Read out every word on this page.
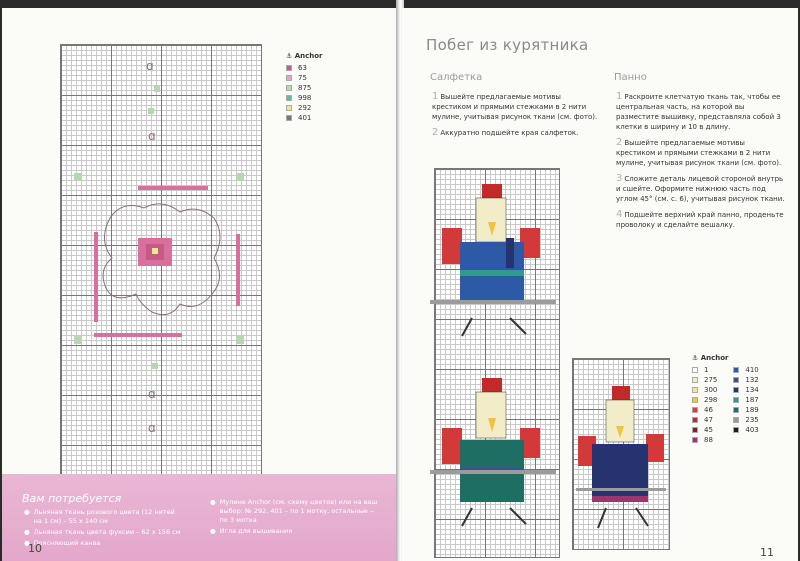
ɑ
ɑ
ɑ
ɑ
⚓ Anchor
63
75
875
998
292
401
Вам потребуется
● Льняная ткань розового цвета (12 нитей на 1 см) – 55 х 140 см
● Льняная ткань цвета фуксии – 62 х 156 см
● Поясняющий канва
● Мулине Anchor (см. схему цветов) или на ваш выбор: № 292, 401 – по 1 мотку, остальные – по 3 мотка
● Игла для вышивания
10
Побег из курятника
Салфетка	Панно
1 Вышейте предлагаемые мотивы крестиком и прямыми стежками в 2 нити мулине, учитывая рисунок ткани (см. фото).
2 Аккуратно подшейте края салфеток.
1 Раскроите клетчатую ткань так, чтобы ее центральная часть, на которой вы разместите вышивку, представляла собой 3 клетки в ширину и 10 в длину.
2 Вышейте предлагаемые мотивы крестиком и прямыми стежками в 2 нити мулине, учитывая рисунок ткани (см. фото).
3 Сложите деталь лицевой стороной внутрь и сшейте. Оформите нижнюю часть под углом 45° (см. с. 6), учитывая рисунок ткани.
4 Подшейте верхний край панно, проденьте проволоку и сделайте вешалку.
⚓ Anchor
1
275
300
298
46
47
45
88
410
132
134
187
189
235
403
11
